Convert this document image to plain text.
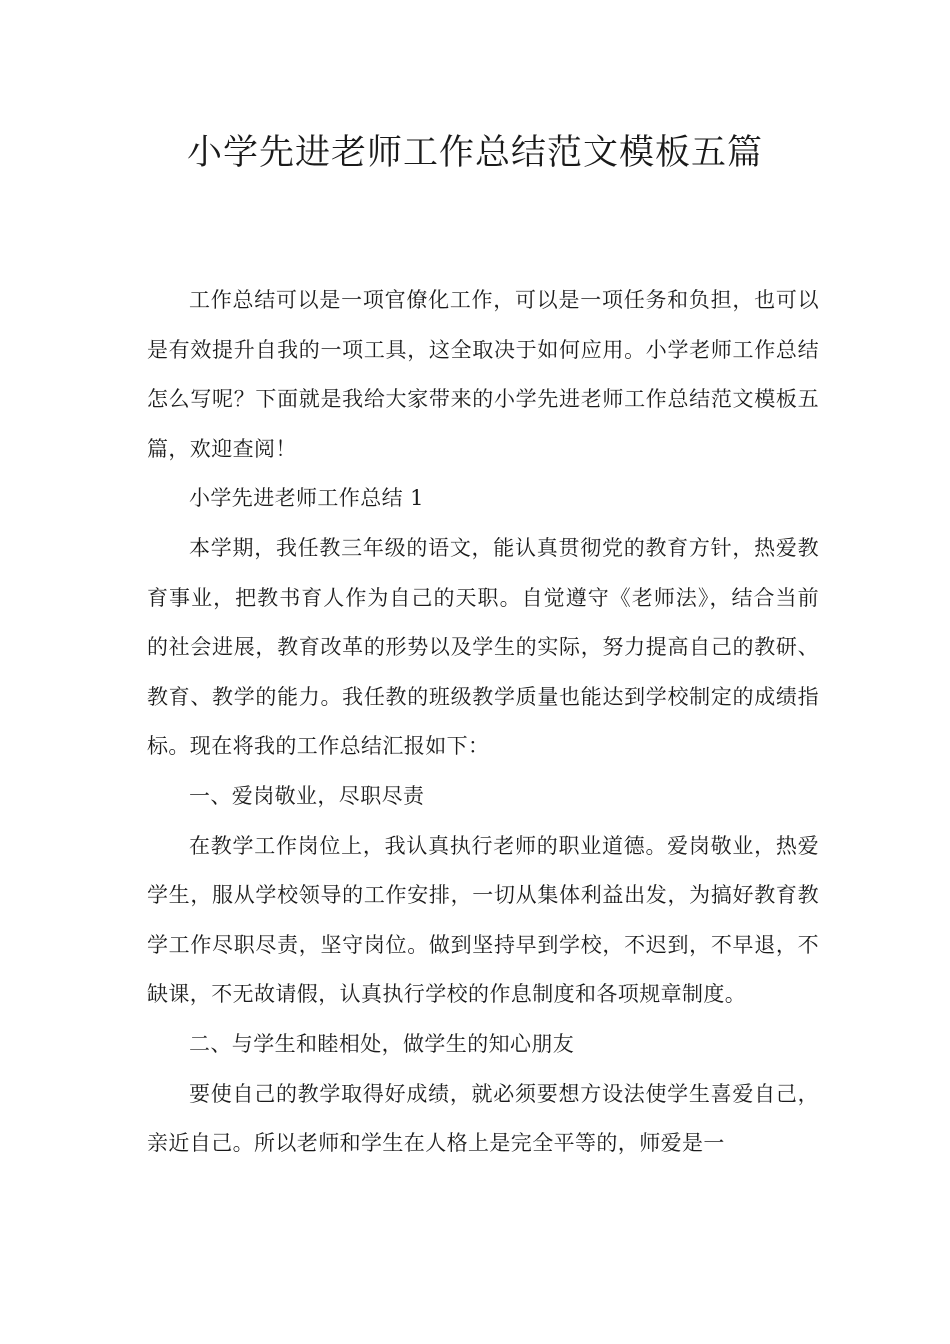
小学先进老师工作总结范文模板五篇

工作总结可以是一项官僚化工作，可以是一项任务和负担，也可以是有效提升自我的一项工具，这全取决于如何应用。小学老师工作总结怎么写呢？下面就是我给大家带来的小学先进老师工作总结范文模板五篇，欢迎查阅！

小学先进老师工作总结 1

本学期，我任教三年级的语文，能认真贯彻党的教育方针，热爱教育事业，把教书育人作为自己的天职。自觉遵守《老师法》，结合当前的社会进展，教育改革的形势以及学生的实际，努力提高自己的教研、教育、教学的能力。我任教的班级教学质量也能达到学校制定的成绩指标。现在将我的工作总结汇报如下：

一、爱岗敬业，尽职尽责

在教学工作岗位上，我认真执行老师的职业道德。爱岗敬业，热爱学生，服从学校领导的工作安排，一切从集体利益出发，为搞好教育教学工作尽职尽责，坚守岗位。做到坚持早到学校，不迟到，不早退，不缺课，不无故请假，认真执行学校的作息制度和各项规章制度。

二、与学生和睦相处，做学生的知心朋友

要使自己的教学取得好成绩，就必须要想方设法使学生喜爱自己，亲近自己。所以老师和学生在人格上是完全平等的，师爱是一
